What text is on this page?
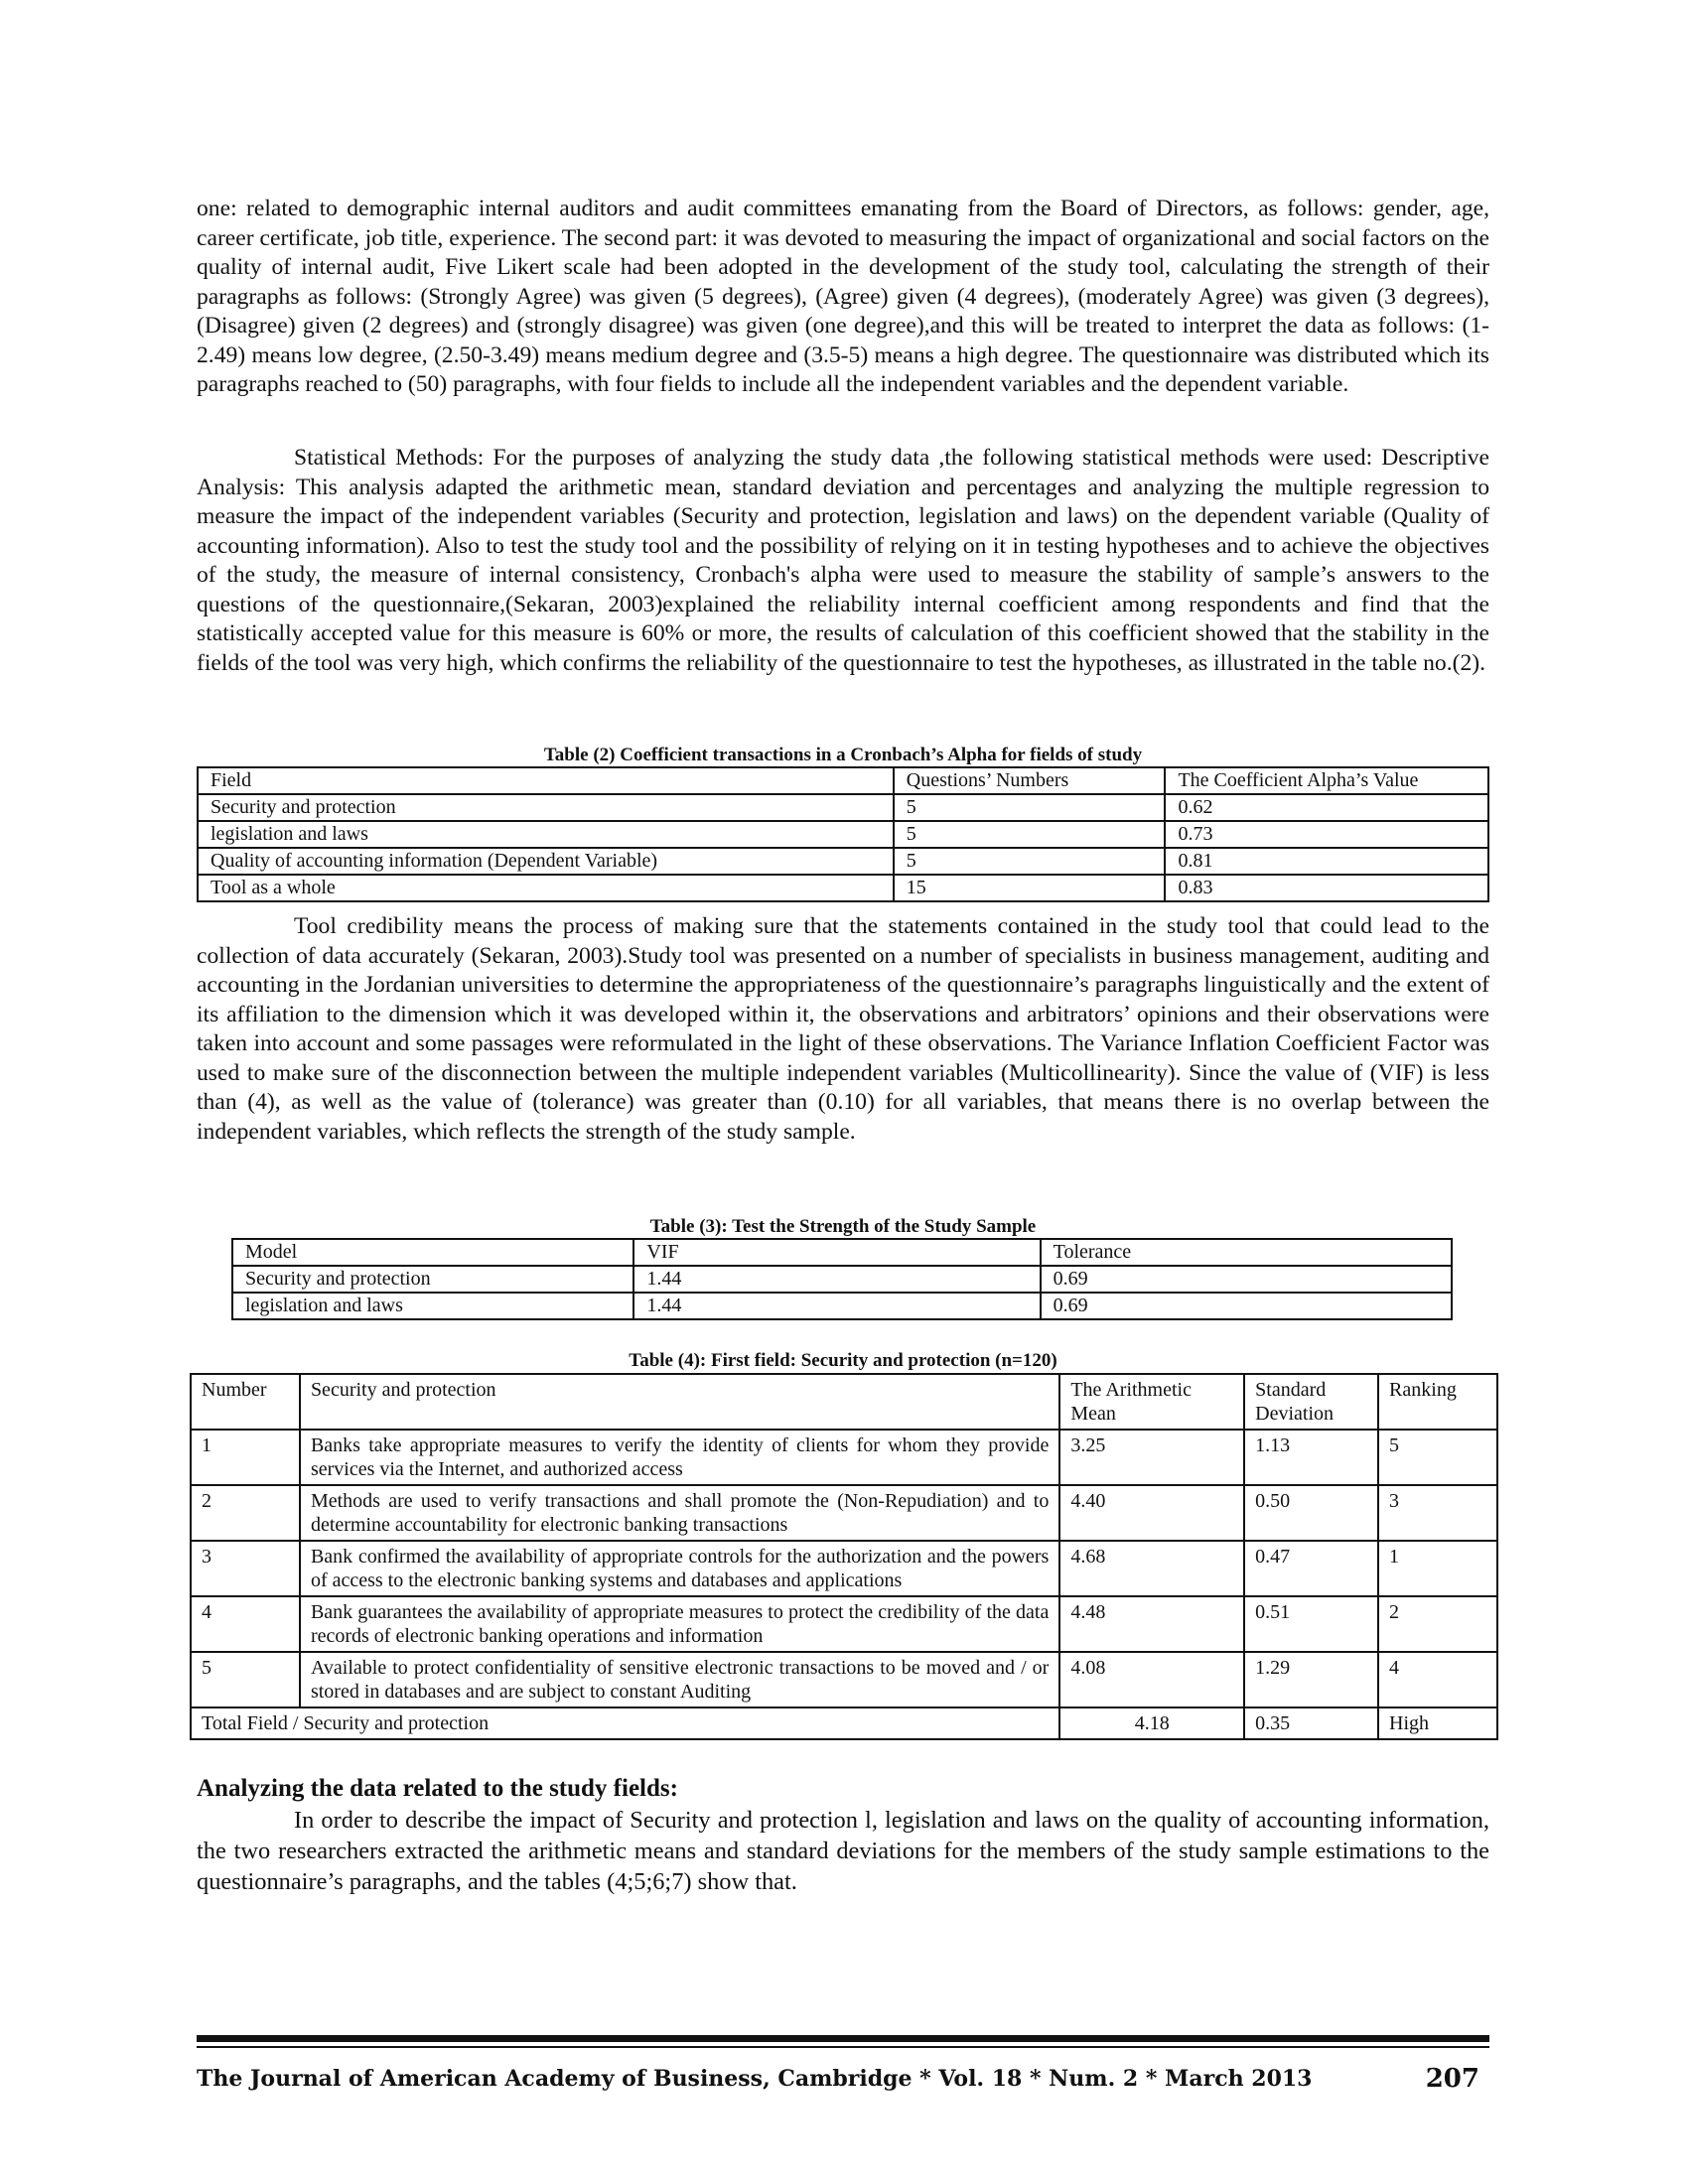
one: related to demographic internal auditors and audit committees emanating from the Board of Directors, as follows: gender, age, career certificate, job title, experience. The second part: it was devoted to measuring the impact of organizational and social factors on the quality of internal audit, Five Likert scale had been adopted in the development of the study tool, calculating the strength of their paragraphs as follows: (Strongly Agree) was given (5 degrees), (Agree) given (4 degrees), (moderately Agree) was given (3 degrees), (Disagree) given (2 degrees) and (strongly disagree) was given (one degree),and this will be treated to interpret the data as follows: (1-2.49) means low degree, (2.50-3.49) means medium degree and (3.5-5) means a high degree. The questionnaire was distributed which its paragraphs reached to (50) paragraphs, with four fields to include all the independent variables and the dependent variable.

Statistical Methods: For the purposes of analyzing the study data ,the following statistical methods were used: Descriptive Analysis: This analysis adapted the arithmetic mean, standard deviation and percentages and analyzing the multiple regression to measure the impact of the independent variables (Security and protection, legislation and laws) on the dependent variable (Quality of accounting information). Also to test the study tool and the possibility of relying on it in testing hypotheses and to achieve the objectives of the study, the measure of internal consistency, Cronbach's alpha were used to measure the stability of sample’s answers to the questions of the questionnaire,(Sekaran, 2003)explained the reliability internal coefficient among respondents and find that the statistically accepted value for this measure is 60% or more, the results of calculation of this coefficient showed that the stability in the fields of the tool was very high, which confirms the reliability of the questionnaire to test the hypotheses, as illustrated in the table no.(2).

Table (2) Coefficient transactions in a Cronbach’s Alpha for fields of study
Field	Questions’ Numbers	The Coefficient Alpha’s Value
Security and protection	5	0.62
legislation and laws	5	0.73
Quality of accounting information (Dependent Variable)	5	0.81
Tool as a whole	15	0.83

Tool credibility means the process of making sure that the statements contained in the study tool that could lead to the collection of data accurately (Sekaran, 2003).Study tool was presented on a number of specialists in business management, auditing and accounting in the Jordanian universities to determine the appropriateness of the questionnaire’s paragraphs linguistically and the extent of its affiliation to the dimension which it was developed within it, the observations and arbitrators’ opinions and their observations were taken into account and some passages were reformulated in the light of these observations. The Variance Inflation Coefficient Factor was used to make sure of the disconnection between the multiple independent variables (Multicollinearity). Since the value of (VIF) is less than (4), as well as the value of (tolerance) was greater than (0.10) for all variables, that means there is no overlap between the independent variables, which reflects the strength of the study sample.

Table (3): Test the Strength of the Study Sample
Model	VIF	Tolerance
Security and protection	1.44	0.69
legislation and laws	1.44	0.69
Table (4): First field: Security and protection (n=120)
Number	Security and protection	The Arithmetic Mean	Standard Deviation	Ranking
1	Banks take appropriate measures to verify the identity of clients for whom they provide services via the Internet, and authorized access	3.25	1.13	5
2	Methods are used to verify transactions and shall promote the (Non-Repudiation) and to determine accountability for electronic banking transactions	4.40	0.50	3
3	Bank confirmed the availability of appropriate controls for the authorization and the powers of access to the electronic banking systems and databases and applications	4.68	0.47	1
4	Bank guarantees the availability of appropriate measures to protect the credibility of the data records of electronic banking operations and information	4.48	0.51	2
5	Available to protect confidentiality of sensitive electronic transactions to be moved and / or stored in databases and are subject to constant Auditing	4.08	1.29	4
Total Field / Security and protection		4.18	0.35	High
Analyzing the data related to the study fields:

In order to describe the impact of Security and protection l, legislation and laws on the quality of accounting information, the two researchers extracted the arithmetic means and standard deviations for the members of the study sample estimations to the questionnaire’s paragraphs, and the tables (4;5;6;7) show that.

The Journal of American Academy of Business, Cambridge * Vol. 18 * Num. 2 * March 2013	207
